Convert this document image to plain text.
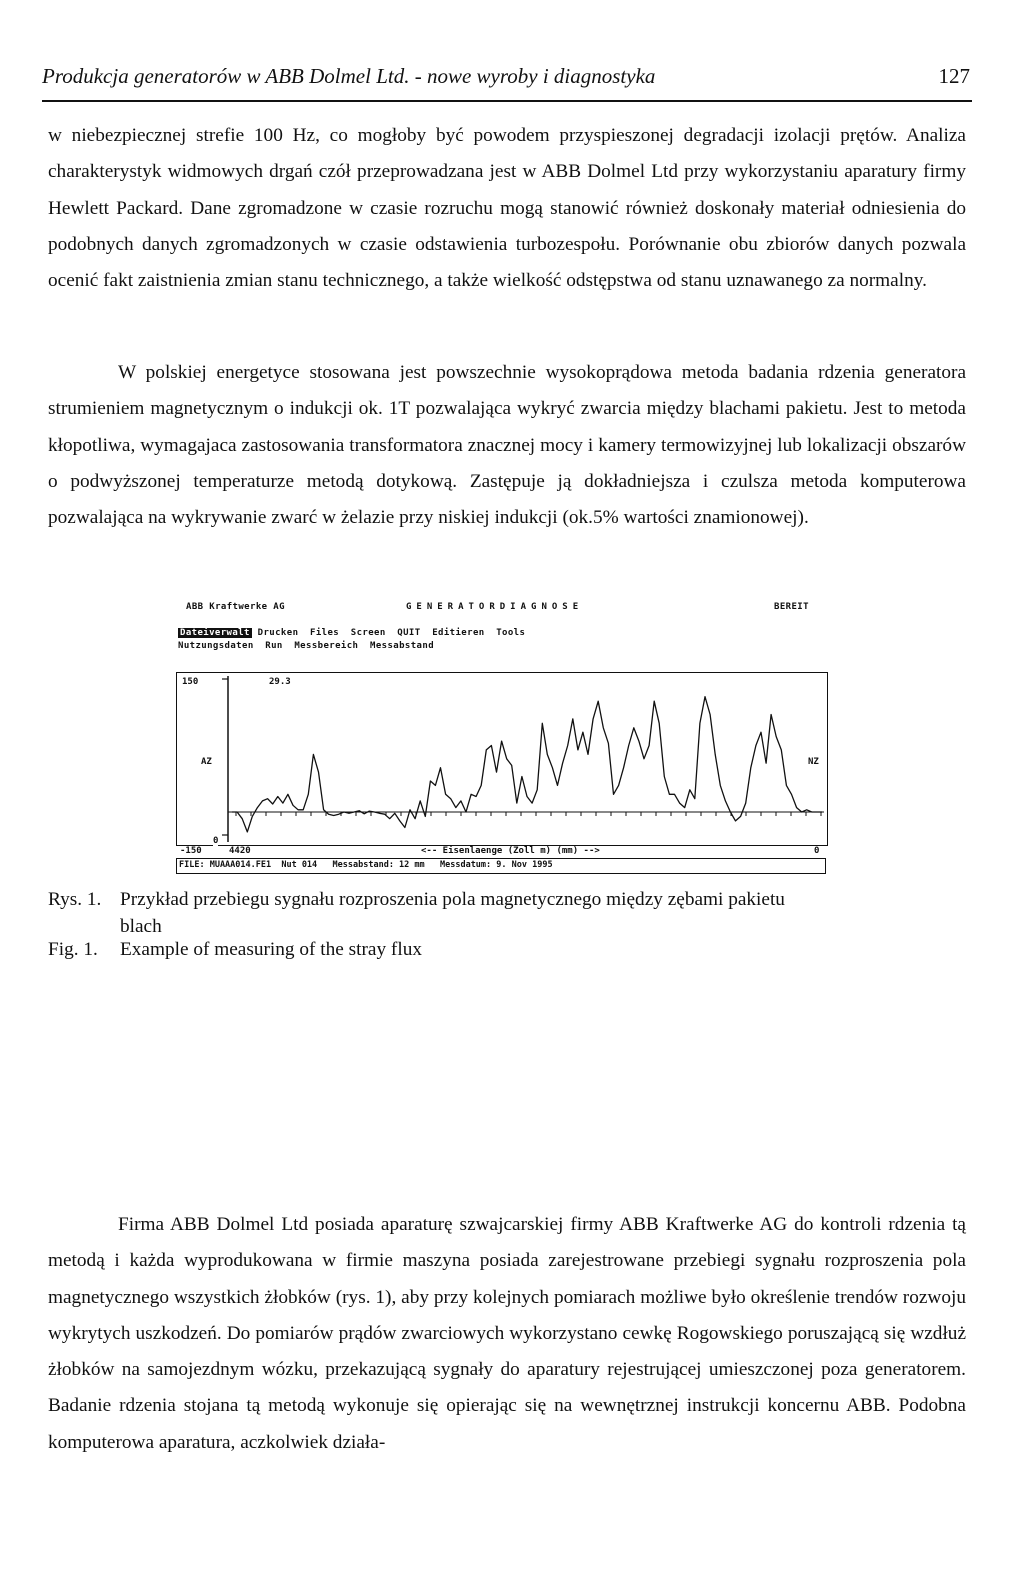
Produkcja generatorów w ABB Dolmel Ltd. - nowe wyroby i diagnostyka	127

w niebezpiecznej strefie 100 Hz, co mogłoby być powodem przyspieszonej degradacji izolacji prętów. Analiza charakterystyk widmowych drgań czół przeprowadzana jest w ABB Dolmel Ltd przy wykorzystaniu aparatury firmy Hewlett Packard. Dane zgromadzone w czasie rozruchu mogą stanowić również doskonały materiał odniesienia do podobnych danych zgromadzonych w czasie odstawienia turbozespołu. Porównanie obu zbiorów danych pozwala ocenić fakt zaistnienia zmian stanu technicznego, a także wielkość odstępstwa od stanu uznawanego za normalny.

W polskiej energetyce stosowana jest powszechnie wysokoprądowa metoda badania rdzenia generatora strumieniem magnetycznym o indukcji ok. 1T pozwalająca wykryć zwarcia między blachami pakietu. Jest to metoda kłopotliwa, wymagajaca zastosowania transformatora znacznej mocy i kamery termowizyjnej lub lokalizacji obszarów o podwyższonej temperaturze metodą dotykową. Zastępuje ją dokładniejsza i czulsza metoda komputerowa pozwalająca na wykrywanie zwarć w żelazie przy niskiej indukcji (ok.5% wartości znamionowej).

ABB Kraftwerke AG	GENERATORDIAGNOSE	BEREIT
Dateiverwalt Drucken  Files  Screen  QUIT  Editieren  Tools
Nutzungsdaten  Run  Messbereich  Messabstand
150	29.3
AZ	NZ
0
4420	<-- Eisenlaenge (Zoll m) (mm) -->	0
-150
FILE: MUAAA014.FE1  Nut 014   Messabstand: 12 mm   Messdatum: 9. Nov 1995
Rys. 1. Przykład przebiegu sygnału rozproszenia pola magnetycznego między zębami pakietu
blach
Fig. 1. Example of measuring of the stray flux

Firma ABB Dolmel Ltd posiada aparaturę szwajcarskiej firmy ABB Kraftwerke AG do kontroli rdzenia tą metodą i każda wyprodukowana w firmie maszyna posiada zarejestrowane przebiegi sygnału rozproszenia pola magnetycznego wszystkich żłobków (rys. 1), aby przy kolejnych pomiarach możliwe było określenie trendów rozwoju wykrytych uszkodzeń. Do pomiarów prądów zwarciowych wykorzystano cewkę Rogowskiego poruszającą się wzdłuż żłobków na samojezdnym wózku, przekazującą sygnały do aparatury rejestrującej umieszczonej poza generatorem. Badanie rdzenia stojana tą metodą wykonuje się opierając się na wewnętrznej instrukcji koncernu ABB. Podobna komputerowa aparatura, aczkolwiek działa-
